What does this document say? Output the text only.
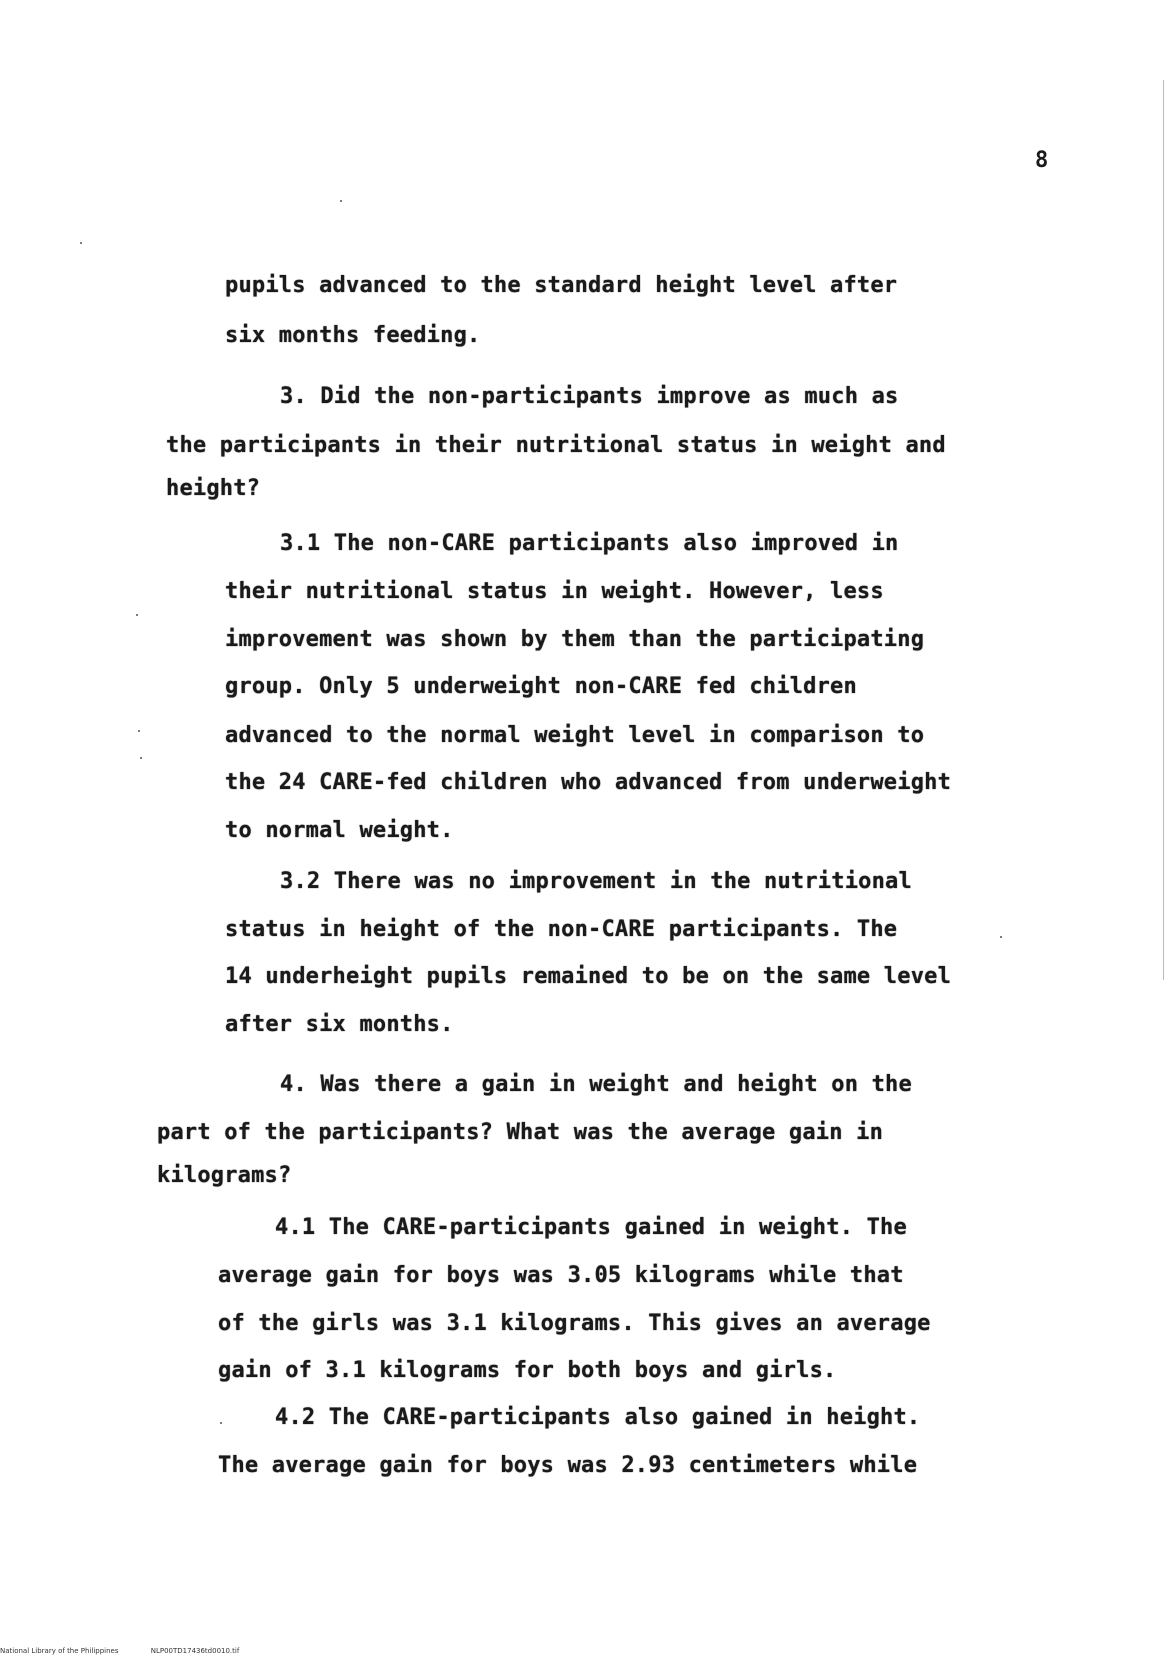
8
pupils advanced to the standard height level after
six months feeding.
3. Did the non-participants improve as much as
the participants in their nutritional status in weight and
height?
3.1 The non-CARE participants also improved in
their nutritional status in weight. However, less
improvement was shown by them than the participating
group. Only 5 underweight non-CARE fed children
advanced to the normal weight level in comparison to
the 24 CARE-fed children who advanced from underweight
to normal weight.
3.2 There was no improvement in the nutritional
status in height of the non-CARE participants. The
14 underheight pupils remained to be on the same level
after six months.
4. Was there a gain in weight and height on the
part of the participants? What was the average gain in
kilograms?
4.1 The CARE-participants gained in weight. The
average gain for boys was 3.05 kilograms while that
of the girls was 3.1 kilograms. This gives an average
gain of 3.1 kilograms for both boys and girls.
4.2 The CARE-participants also gained in height.
The average gain for boys was 2.93 centimeters while
National Library of the Philippines	NLP00TD17436td0010.tif
